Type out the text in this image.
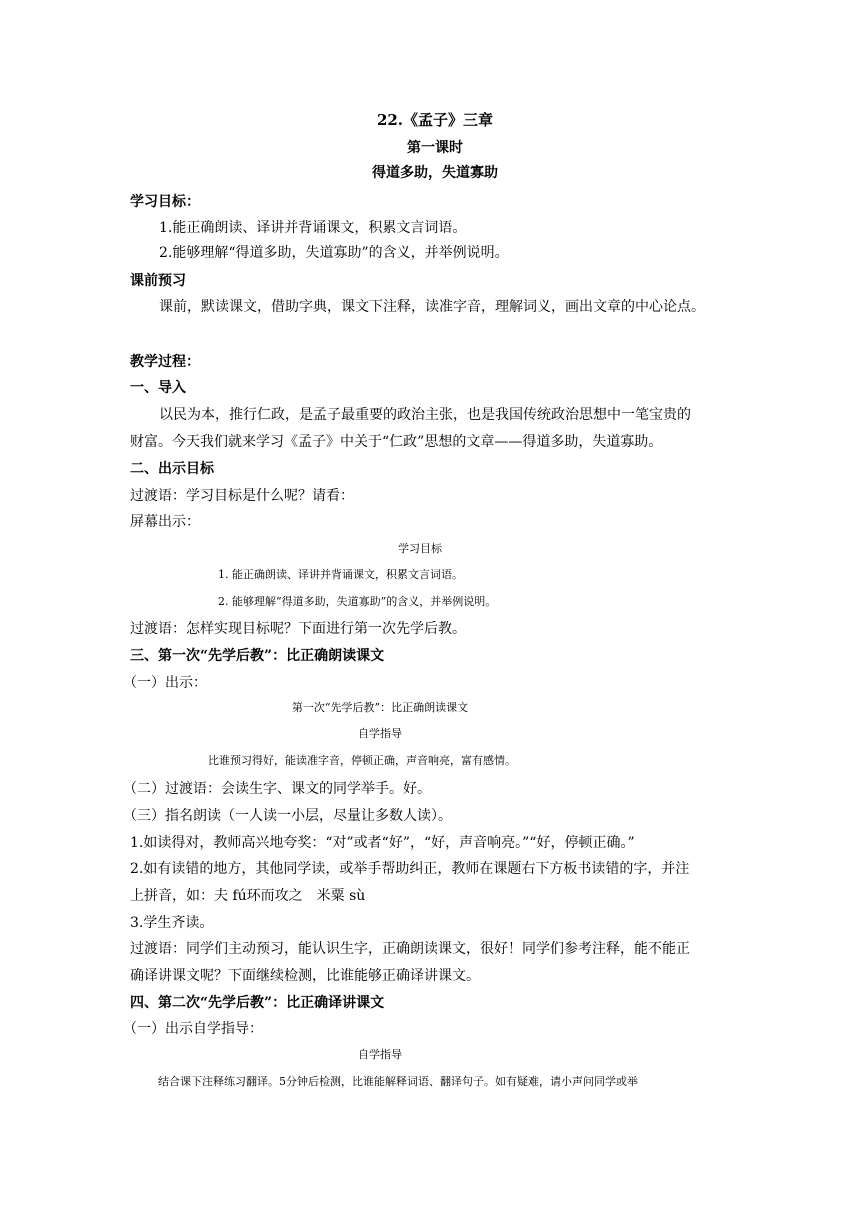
22.《孟子》三章
第一课时
得道多助，失道寡助
学习目标：
1.能正确朗读、译讲并背诵课文，积累文言词语。
2.能够理解“得道多助，失道寡助”的含义，并举例说明。
课前预习
课前，默读课文，借助字典，课文下注释，读准字音，理解词义，画出文章的中心论点。
教学过程：
一、导入
以民为本，推行仁政，是孟子最重要的政治主张，也是我国传统政治思想中一笔宝贵的
财富。今天我们就来学习《孟子》中关于“仁政”思想的文章——得道多助，失道寡助。
二、出示目标
过渡语：学习目标是什么呢？请看：
屏幕出示：
学习目标
1. 能正确朗读、译讲并背诵课文，积累文言词语。
2. 能够理解“得道多助，失道寡助”的含义，并举例说明。
过渡语：怎样实现目标呢？下面进行第一次先学后教。
三、第一次“先学后教”：比正确朗读课文
（一）出示：
第一次“先学后教”：比正确朗读课文
自学指导
比谁预习得好，能读准字音，停顿正确，声音响亮，富有感情。
（二）过渡语：会读生字、课文的同学举手。好。
（三）指名朗读（一人读一小层，尽量让多数人读）。
1.如读得对，教师高兴地夸奖：“对”或者“好”，“好，声音响亮。”“好，停顿正确。”
2.如有读错的地方，其他同学读，或举手帮助纠正，教师在课题右下方板书读错的字，并注
上拼音，如：夫 fú环而攻之　米粟 sù
3.学生齐读。
过渡语：同学们主动预习，能认识生字，正确朗读课文，很好！同学们参考注释，能不能正
确译讲课文呢？下面继续检测，比谁能够正确译讲课文。
四、第二次“先学后教”：比正确译讲课文
（一）出示自学指导：
自学指导
结合课下注释练习翻译。5分钟后检测，比谁能解释词语、翻译句子。如有疑难，请小声问同学或举
